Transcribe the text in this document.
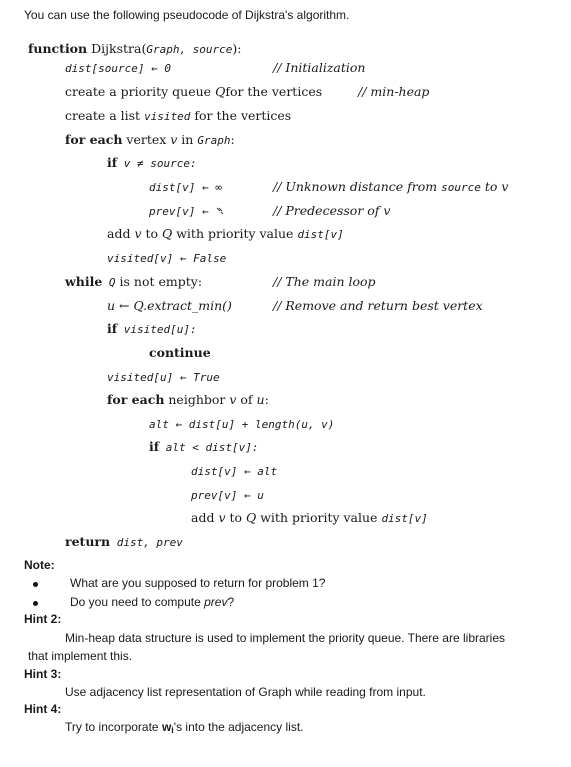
You can use the following pseudocode of Dijkstra's algorithm.
function Dijkstra(Graph, source):
dist[source] ← 0	// Initialization
create a priority queue Qfor the vertices	// min-heap
create a list visited for the vertices
for each vertex v in Graph:
if v ≠ source:
dist[v] ← ∞	// Unknown distance from source to v
prev[v] ←	// Predecessor of v
add v to Q with priority value dist[v]
visited[v] ← False
while Q is not empty:	// The main loop
u ← Q.extract_min()	// Remove and return best vertex
if visited[u]:
continue
visited[u] ← True
for each neighbor v of u:
alt ← dist[u] + length(u, v)
if alt < dist[v]:
dist[v] ← alt
prev[v] ← u
add v to Q with priority value dist[v]
return dist, prev
Note:
What are you supposed to return for problem 1?
Do you need to compute prev?
Hint 2:
Min-heap data structure is used to implement the priority queue. There are libraries
that implement this.
Hint 3:
Use adjacency list representation of Graph while reading from input.
Hint 4:
Try to incorporate $w_i's$ into the adjacency list.
